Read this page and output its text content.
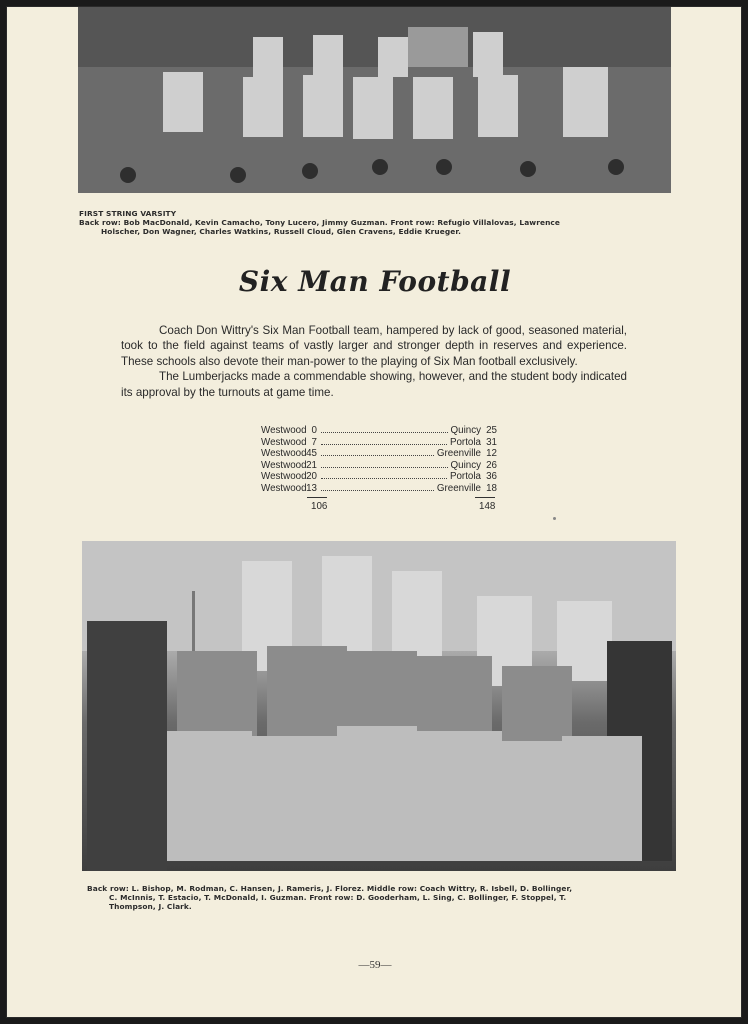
FIRST STRING VARSITY
Back row: Bob MacDonald, Kevin Camacho, Tony Lucero, Jimmy Guzman. Front row: Refugio Villalovas, Lawrence
Holscher, Don Wagner, Charles Watkins, Russell Cloud, Glen Cravens, Eddie Krueger.
Six Man Football

Coach Don Wittry's Six Man Football team, hampered by lack of good, seasoned material, took to the field against teams of vastly larger and stronger depth in reserves and experience. These schools also devote their man-power to the playing of Six Man football exclusively.

The Lumberjacks made a commendable showing, however, and the student body indicated its approval by the turnouts at game time.

Westwood 0	Quincy 25
Westwood 7	Portola 31
Westwood 45	Greenville 12
Westwood 21	Quincy 26
Westwood 20	Portola 36
Westwood 13	Greenville 18
106	148
Back row: L. Bishop, M. Rodman, C. Hansen, J. Rameris, J. Florez. Middle row: Coach Wittry, R. Isbell, D. Bollinger,
C. McInnis, T. Estacio, T. McDonald, I. Guzman. Front row: D. Gooderham, L. Sing, C. Bollinger, F. Stoppel, T.
Thompson, J. Clark.
—59—
